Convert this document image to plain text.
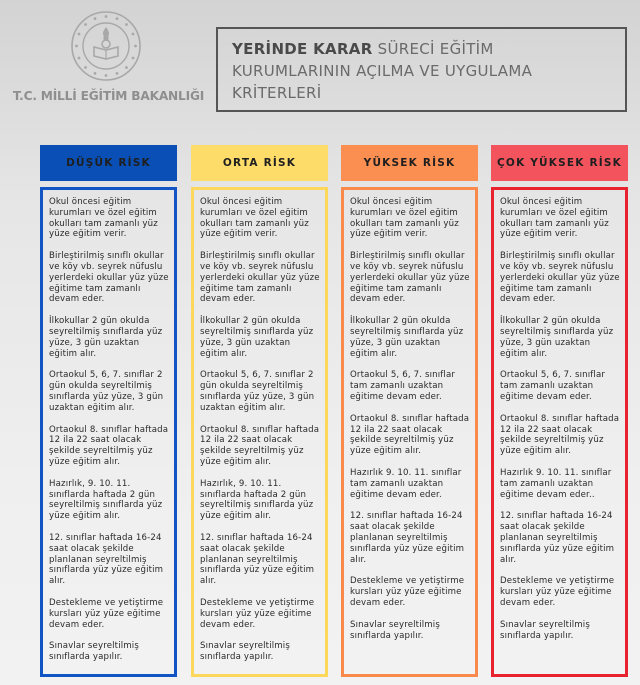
T.C. MİLLİ EĞİTİM BAKANLIĞI
YERİNDE KARAR SÜRECİ EĞİTİM
KURUMLARININ AÇILMA VE UYGULAMA
KRİTERLERİ
DÜŞÜK RİSK
Okul öncesi eğitim kurumları ve özel eğitim okulları tam zamanlı yüz yüze eğitim verir.
Birleştirilmiş sınıflı okullar ve köy vb. seyrek nüfuslu yerlerdeki okullar yüz yüze eğitime tam zamanlı devam eder.
İlkokullar 2 gün okulda seyreltilmiş sınıflarda yüz yüze, 3 gün uzaktan eğitim alır.
Ortaokul 5, 6, 7. sınıflar 2 gün okulda seyreltilmiş sınıflarda yüz yüze, 3 gün uzaktan eğitim alır.
Ortaokul 8. sınıflar haftada 12 ila 22 saat olacak şekilde seyreltilmiş yüz yüze eğitim alır.
Hazırlık, 9. 10. 11. sınıflarda haftada 2 gün seyreltilmiş sınıflarda yüz yüze eğitim alır.
12. sınıflar haftada 16-24 saat olacak şekilde planlanan seyreltilmiş sınıflarda yüz yüze eğitim alır.
Destekleme ve yetiştirme kursları yüz yüze eğitime devam eder.
Sınavlar seyreltilmiş sınıflarda yapılır.
ORTA RİSK
Okul öncesi eğitim kurumları ve özel eğitim okulları tam zamanlı yüz yüze eğitim verir.
Birleştirilmiş sınıflı okullar ve köy vb. seyrek nüfuslu yerlerdeki okullar yüz yüze eğitime tam zamanlı devam eder.
İlkokullar 2 gün okulda seyreltilmiş sınıflarda yüz yüze, 3 gün uzaktan eğitim alır.
Ortaokul 5, 6, 7. sınıflar 2 gün okulda seyreltilmiş sınıflarda yüz yüze, 3 gün uzaktan eğitim alır.
Ortaokul 8. sınıflar haftada 12 ila 22 saat olacak şekilde seyreltilmiş yüz yüze eğitim alır.
Hazırlık, 9. 10. 11. sınıflarda haftada 2 gün seyreltilmiş sınıflarda yüz yüze eğitim alır.
12. sınıflar haftada 16-24 saat olacak şekilde planlanan seyreltilmiş sınıflarda yüz yüze eğitim alır.
Destekleme ve yetiştirme kursları yüz yüze eğitime devam eder.
Sınavlar seyreltilmiş sınıflarda yapılır.
YÜKSEK RİSK
Okul öncesi eğitim kurumları ve özel eğitim okulları tam zamanlı yüz yüze eğitim verir.
Birleştirilmiş sınıflı okullar ve köy vb. seyrek nüfuslu yerlerdeki okullar yüz yüze eğitime tam zamanlı devam eder.
İlkokullar 2 gün okulda seyreltilmiş sınıflarda yüz yüze, 3 gün uzaktan eğitim alır.
Ortaokul 5, 6, 7. sınıflar tam zamanlı uzaktan eğitime devam eder.
Ortaokul 8. sınıflar haftada 12 ila 22 saat olacak şekilde seyreltilmiş yüz yüze eğitim alır.
Hazırlık 9. 10. 11. sınıflar tam zamanlı uzaktan eğitime devam eder.
12. sınıflar haftada 16-24 saat olacak şekilde planlanan seyreltilmiş sınıflarda yüz yüze eğitim alır.
Destekleme ve yetiştirme kursları yüz yüze eğitime devam eder.
Sınavlar seyreltilmiş sınıflarda yapılır.
ÇOK YÜKSEK RİSK
Okul öncesi eğitim kurumları ve özel eğitim okulları tam zamanlı yüz yüze eğitim verir.
Birleştirilmiş sınıflı okullar ve köy vb. seyrek nüfuslu yerlerdeki okullar yüz yüze eğitime tam zamanlı devam eder.
İlkokullar 2 gün okulda seyreltilmiş sınıflarda yüz yüze, 3 gün uzaktan eğitim alır.
Ortaokul 5, 6, 7. sınıflar tam zamanlı uzaktan eğitime devam eder.
Ortaokul 8. sınıflar haftada 12 ila 22 saat olacak şekilde seyreltilmiş yüz yüze eğitim alır.
Hazırlık 9. 10. 11. sınıflar tam zamanlı uzaktan eğitime devam eder..
12. sınıflar haftada 16-24 saat olacak şekilde planlanan seyreltilmiş sınıflarda yüz yüze eğitim alır.
Destekleme ve yetiştirme kursları yüz yüze eğitime devam eder.
Sınavlar seyreltilmiş sınıflarda yapılır.
